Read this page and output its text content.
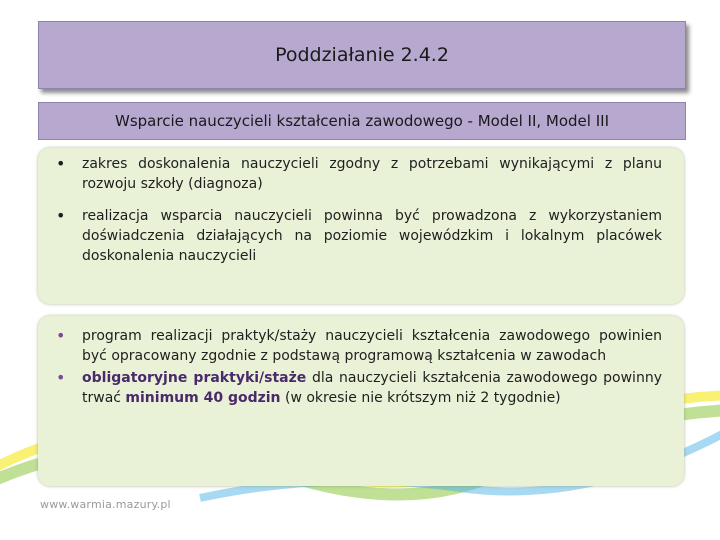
Poddziałanie 2.4.2
Wsparcie nauczycieli kształcenia zawodowego - Model II, Model III
• zakres doskonalenia nauczycieli zgodny z potrzebami wynikającymi z planu rozwoju szkoły (diagnoza)
• realizacja wsparcia nauczycieli powinna być prowadzona z wykorzystaniem doświadczenia działających na poziomie wojewódzkim i lokalnym placówek doskonalenia nauczycieli
• program realizacji praktyk/staży nauczycieli kształcenia zawodowego powinien być opracowany zgodnie z podstawą programową kształcenia w zawodach
• obligatoryjne praktyki/staże dla nauczycieli kształcenia zawodowego powinny trwać minimum 40 godzin (w okresie nie krótszym niż 2 tygodnie)
www.warmia.mazury.pl
